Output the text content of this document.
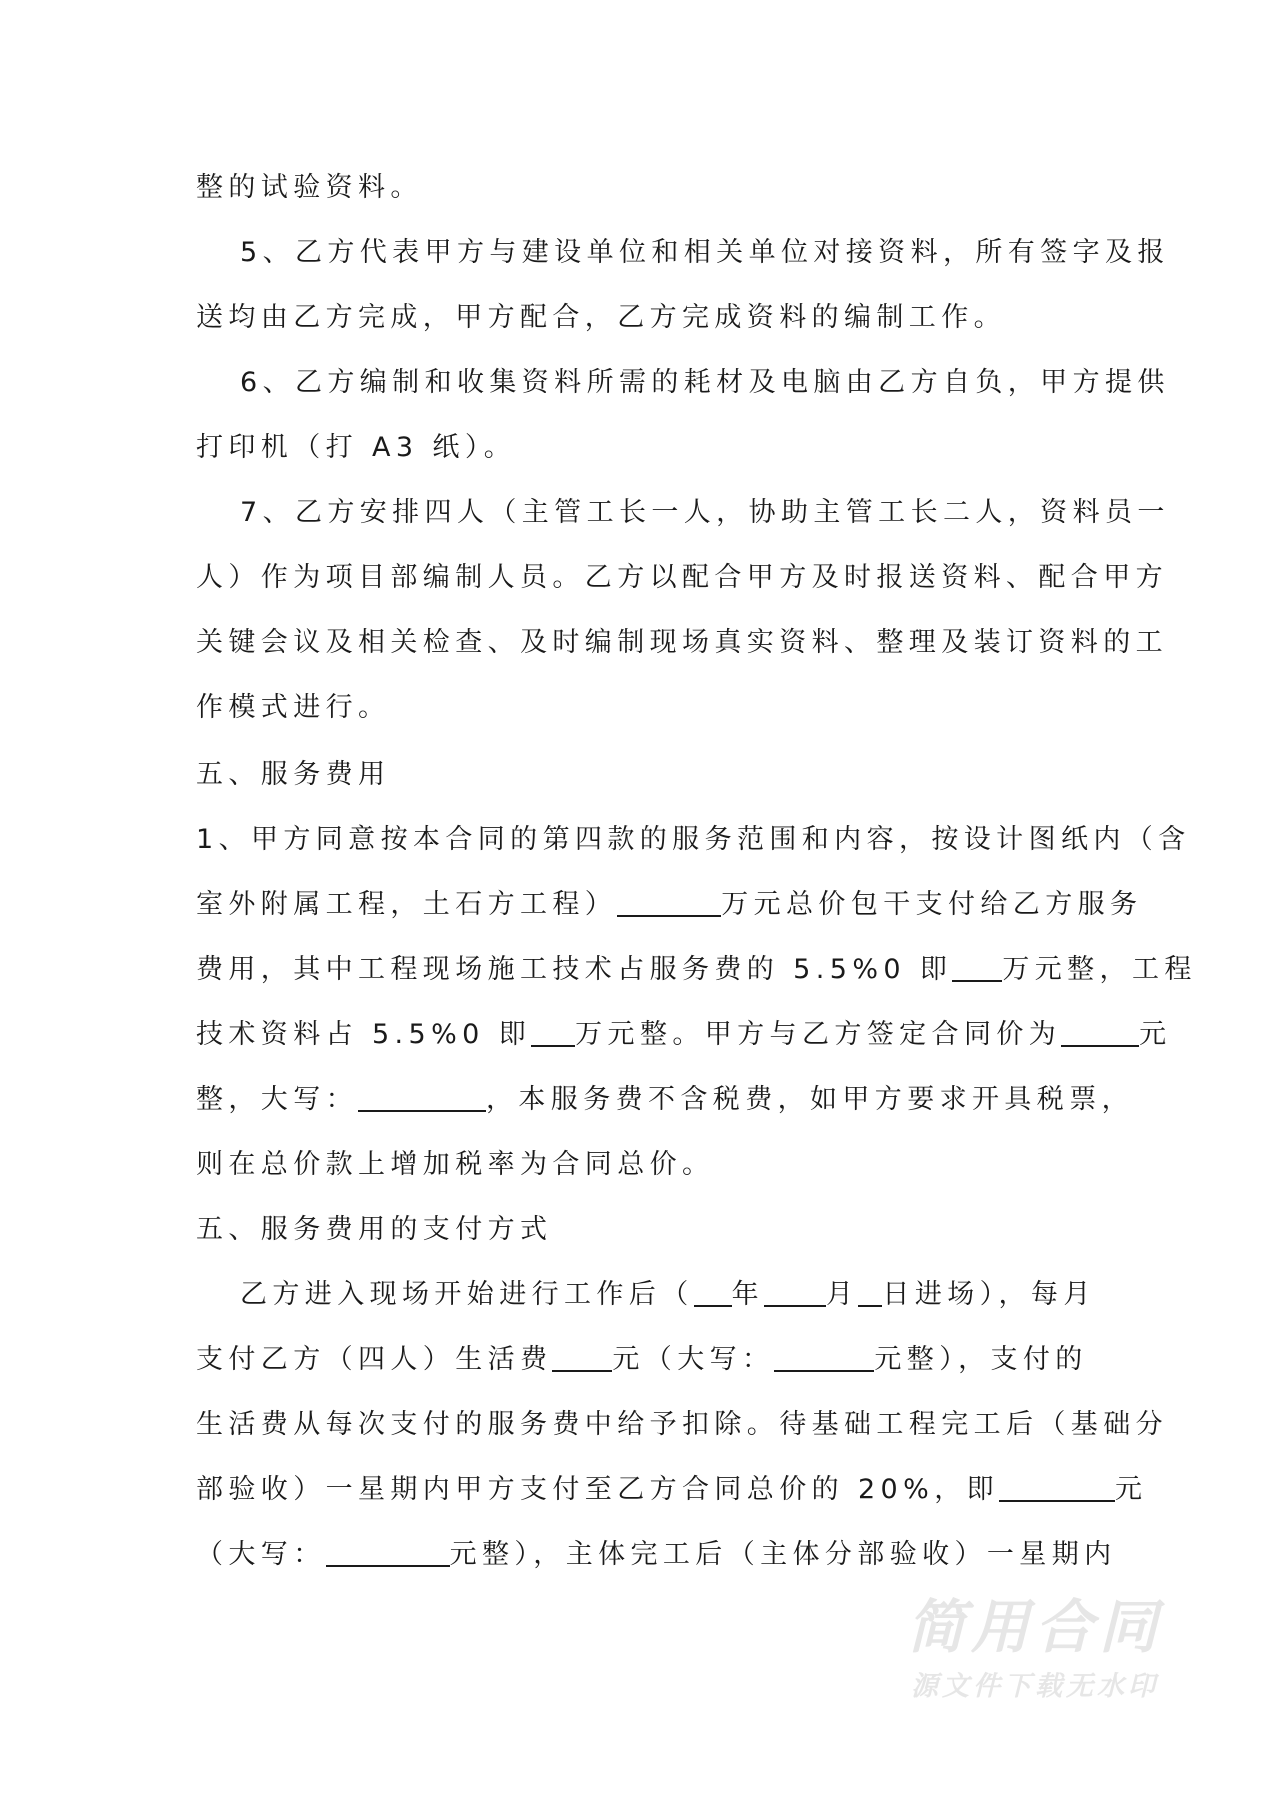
整的试验资料。
5、乙方代表甲方与建设单位和相关单位对接资料，所有签字及报
送均由乙方完成，甲方配合，乙方完成资料的编制工作。
6、乙方编制和收集资料所需的耗材及电脑由乙方自负，甲方提供
打印机（打 A3 纸）。
7、乙方安排四人（主管工长一人，协助主管工长二人，资料员一
人）作为项目部编制人员。乙方以配合甲方及时报送资料、配合甲方
关键会议及相关检查、及时编制现场真实资料、整理及装订资料的工
作模式进行。
五、服务费用
1、甲方同意按本合同的第四款的服务范围和内容，按设计图纸内（含
室外附属工程，土石方工程）	万元总价包干支付给乙方服务
费用，其中工程现场施工技术占服务费的 5.5%0 即 万元整，工程
技术资料占 5.5%0 即 万元整。甲方与乙方签定合同价为	元
整，大写：	，本服务费不含税费，如甲方要求开具税票，
则在总价款上增加税率为合同总价。
五、服务费用的支付方式
乙方进入现场开始进行工作后（ 年 月 日进场），每月
支付乙方（四人）生活费 元（大写：	元整），支付的
生活费从每次支付的服务费中给予扣除。待基础工程完工后（基础分
部验收）一星期内甲方支付至乙方合同总价的 20%，即	元
（大写：	元整），主体完工后（主体分部验收）一星期内
简用合同
源文件下载无水印
